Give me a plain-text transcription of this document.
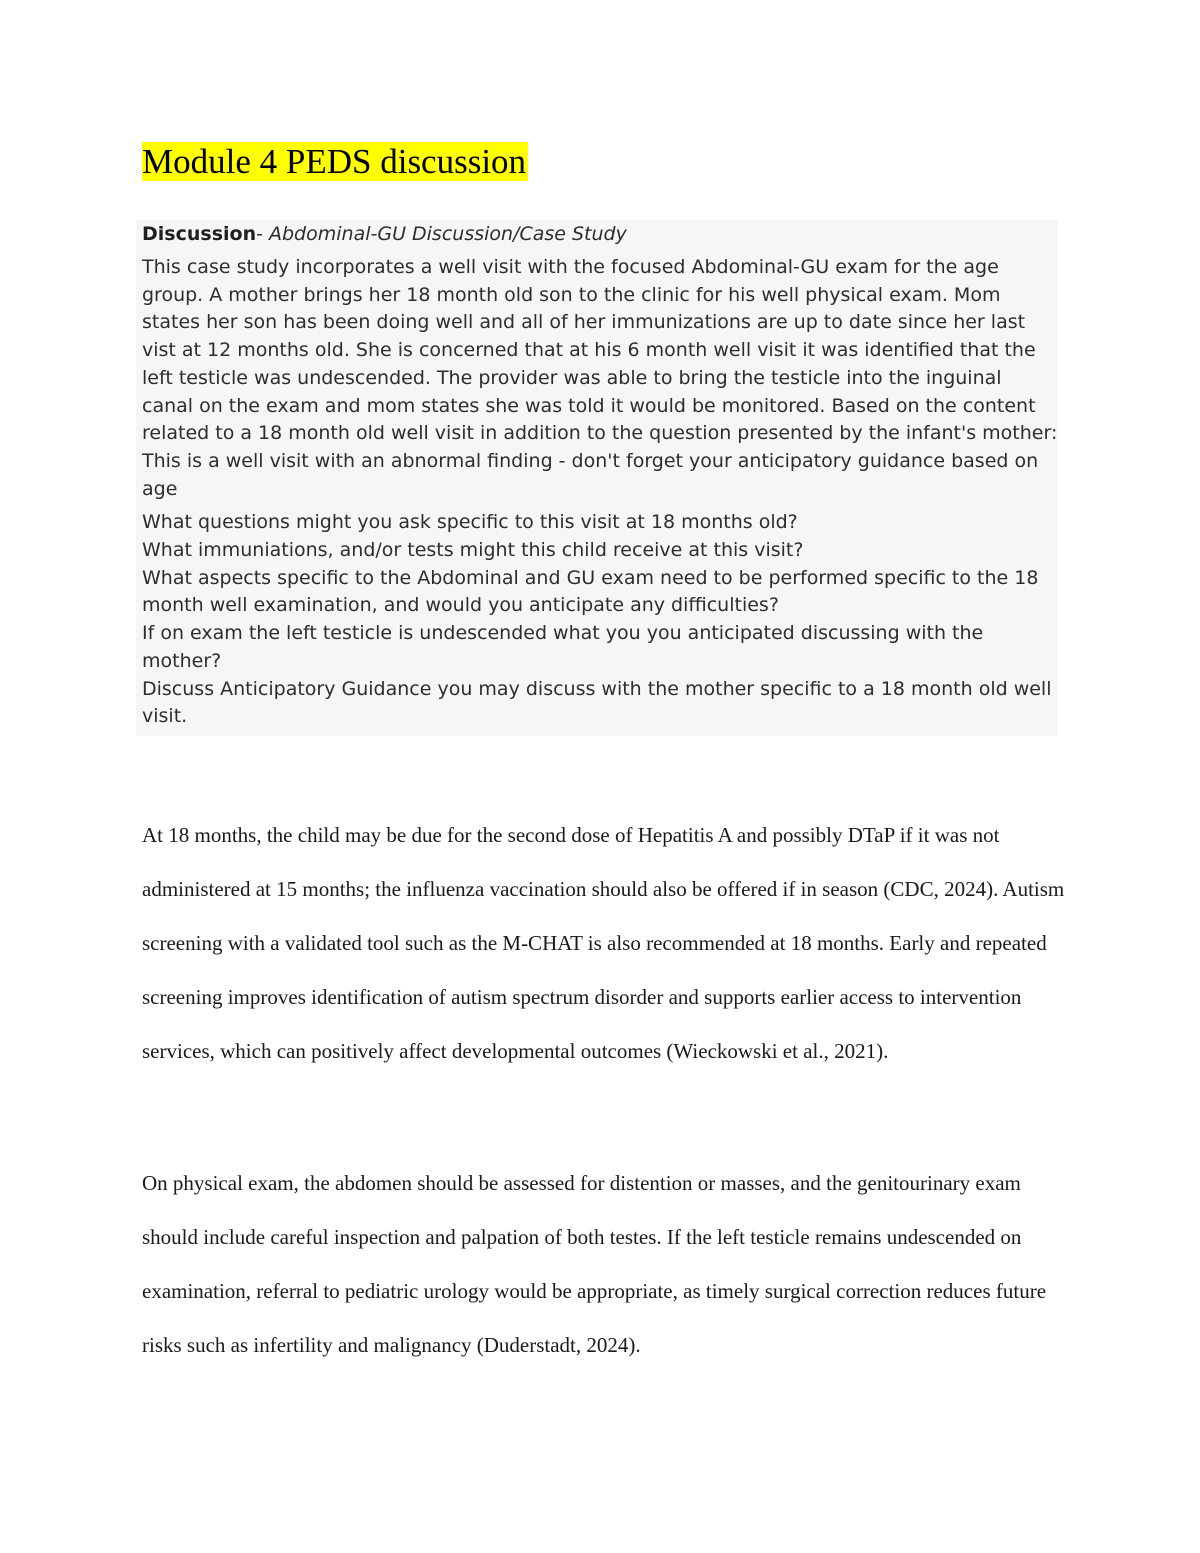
Module 4 PEDS discussion
Discussion- Abdominal-GU Discussion/Case Study

This case study incorporates a well visit with the focused Abdominal-GU exam for the age group. A mother brings her 18 month old son to the clinic for his well physical exam. Mom states her son has been doing well and all of her immunizations are up to date since her last vist at 12 months old. She is concerned that at his 6 month well visit it was identified that the left testicle was undescended. The provider was able to bring the testicle into the inguinal canal on the exam and mom states she was told it would be monitored. Based on the content related to a 18 month old well visit in addition to the question presented by the infant's mother: This is a well visit with an abnormal finding - don't forget your anticipatory guidance based on age

What questions might you ask specific to this visit at 18 months old?
What immuniations, and/or tests might this child receive at this visit?
What aspects specific to the Abdominal and GU exam need to be performed specific to the 18 month well examination, and would you anticipate any difficulties?
If on exam the left testicle is undescended what you you anticipated discussing with the mother?
Discuss Anticipatory Guidance you may discuss with the mother specific to a 18 month old well visit.

At 18 months, the child may be due for the second dose of Hepatitis A and possibly DTaP if it was not administered at 15 months; the influenza vaccination should also be offered if in season (CDC, 2024). Autism screening with a validated tool such as the M-CHAT is also recommended at 18 months. Early and repeated screening improves identification of autism spectrum disorder and supports earlier access to intervention services, which can positively affect developmental outcomes (Wieckowski et al., 2021).

On physical exam, the abdomen should be assessed for distention or masses, and the genitourinary exam should include careful inspection and palpation of both testes. If the left testicle remains undescended on examination, referral to pediatric urology would be appropriate, as timely surgical correction reduces future risks such as infertility and malignancy (Duderstadt, 2024).
